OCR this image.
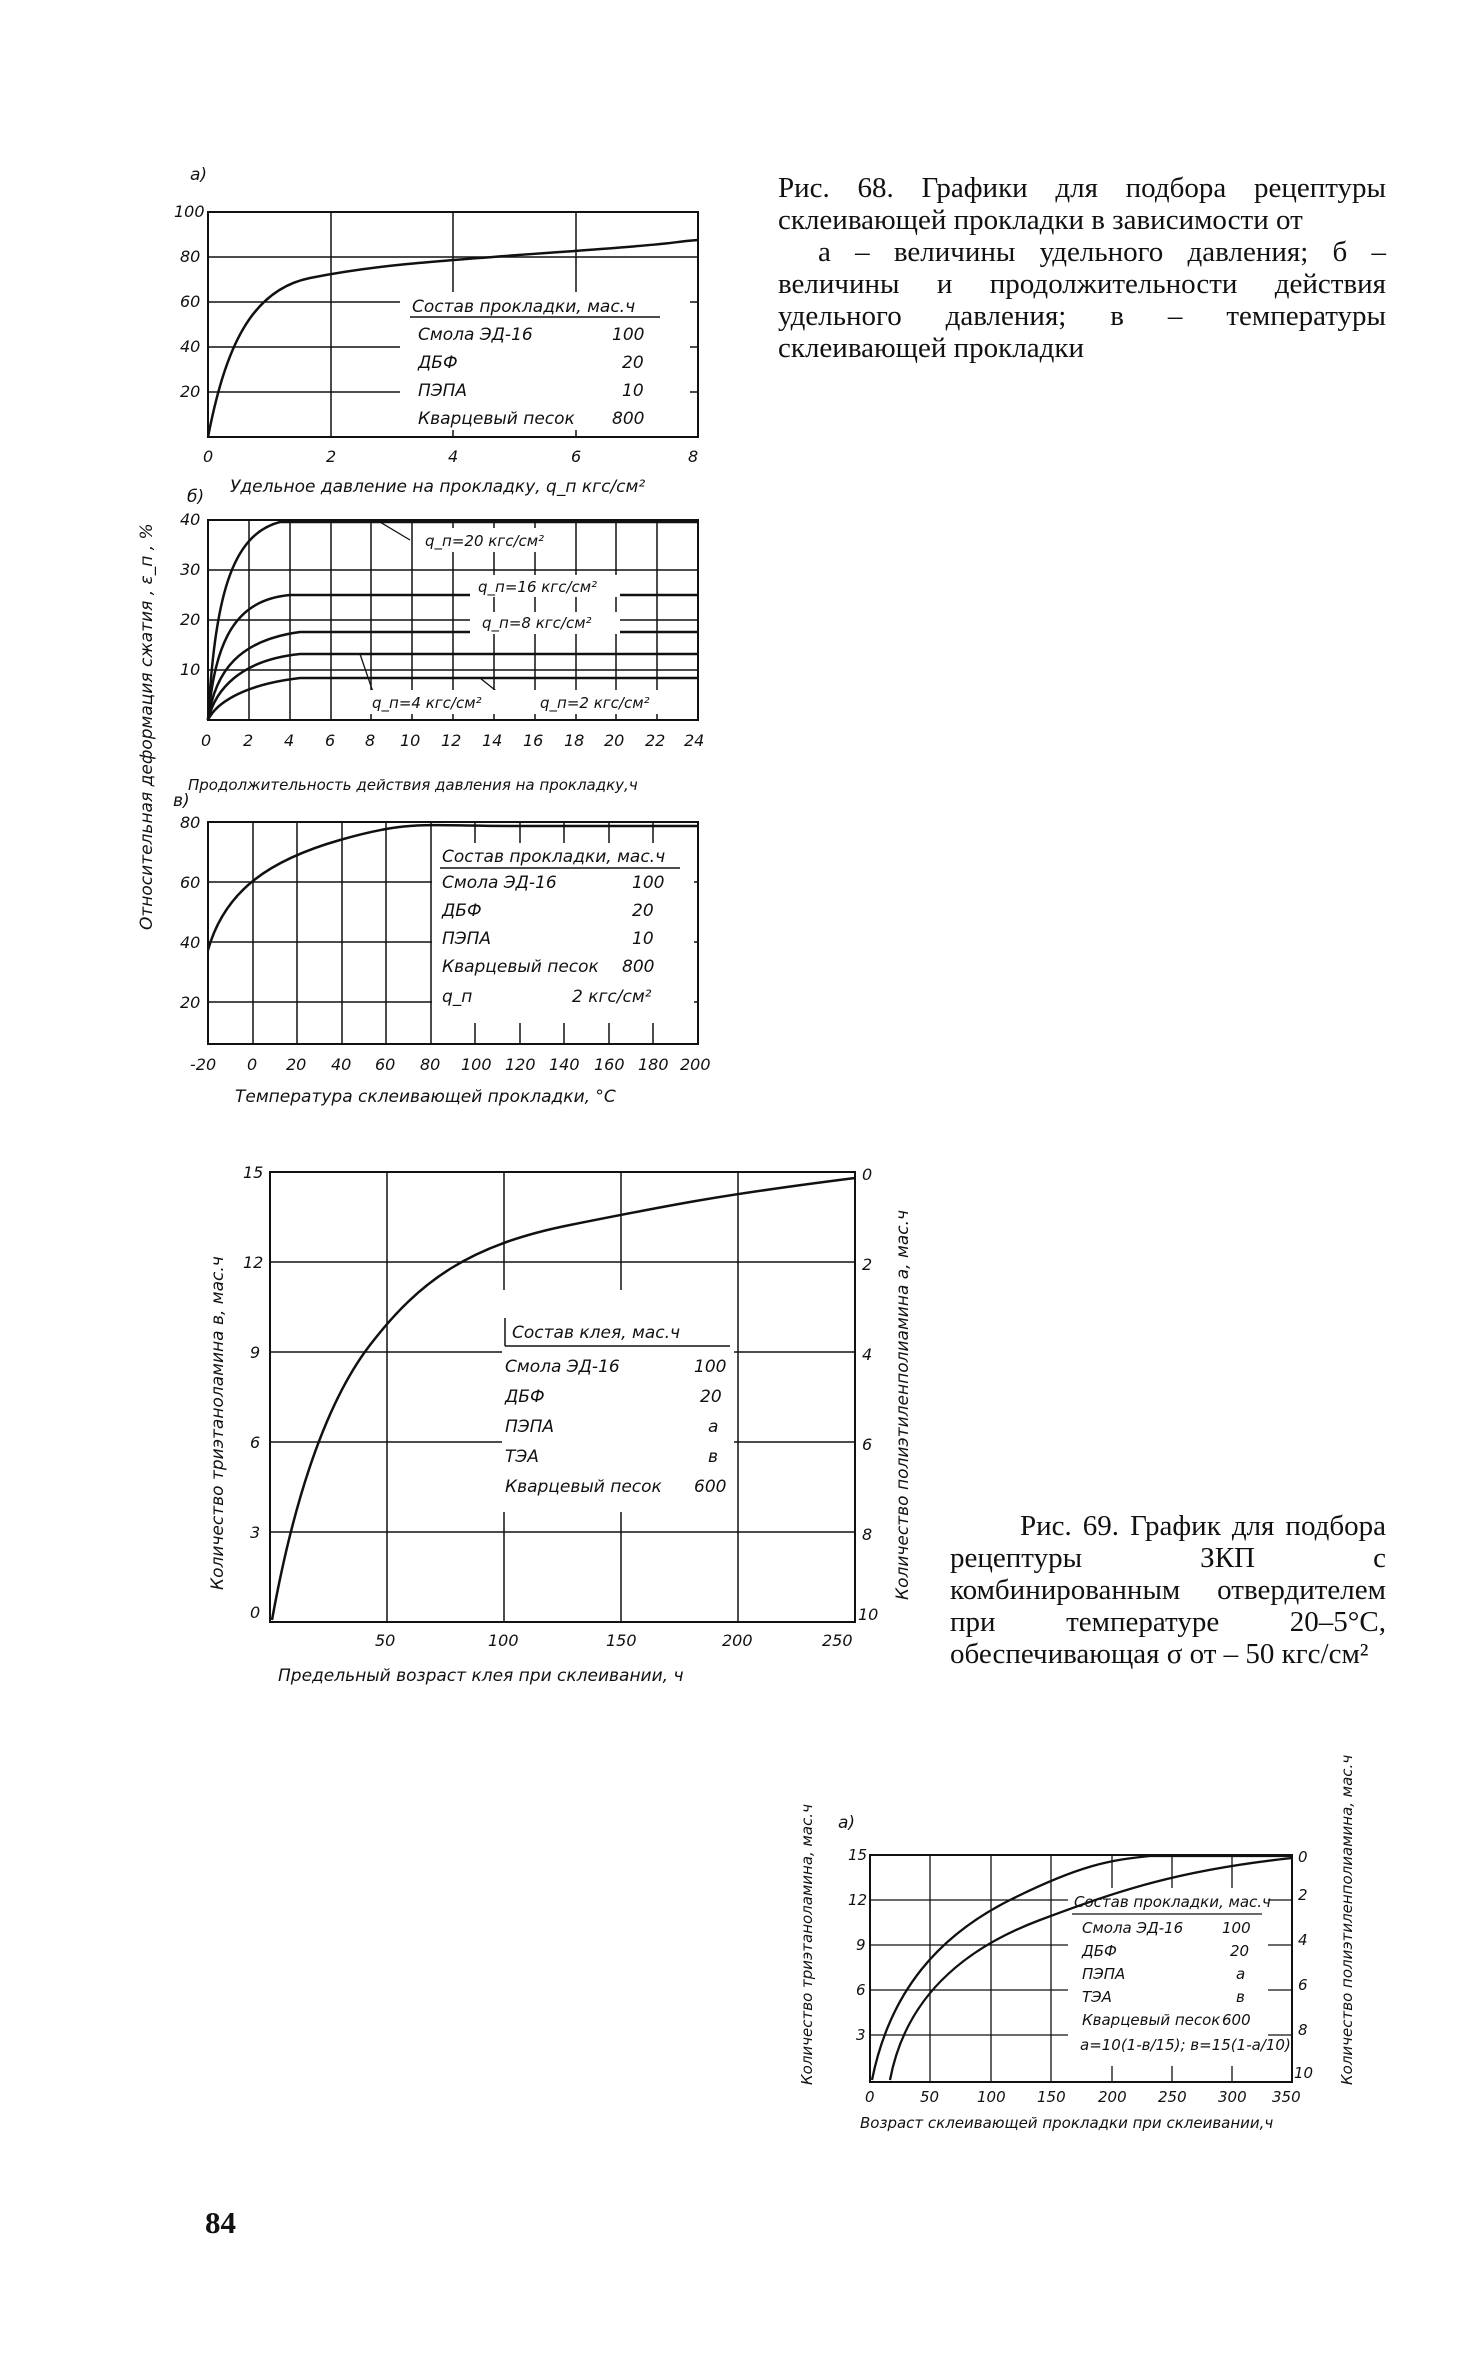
а)
100
80
60
40
20
0	2	4	6	8
Удельное давление на прокладку, q_п кгс/см²
б)
Состав прокладки, мас.ч
Смола ЭД-16	100
ДБФ	20
ПЭПА	10
Кварцевый песок 800
q_п=20 кгс/см²
q_п=16 кгс/см²
q_п=8 кгс/см²
q_п=4 кгс/см²	q_п=2 кгс/см²
40
30
20
10
0 2 4 6 8 10 12 14 16 18 20 22 24
Продолжительность действия давления на прокладку,ч
в)
80
60
40
20
-20 0 20 40 60 80 100 120 140 160 180 200
Температура склеивающей прокладки, °С
Состав прокладки, мас.ч
Смола ЭД-16	100
ДБФ	20
ПЭПА	10
Кварцевый песок 800
q_п	2 кгс/см²
Относительная деформация сжатия , ε_п , %
Состав клея, мас.ч
Смола ЭД-16	100
ДБФ	20
ПЭПА	а
ТЭА	в
Кварцевый песок 600
15
12
9
6
3
0
0
2
4
6
8
10
50	100	150	200	250
Предельный возраст клея при склеивании, ч
Количество триэтаноламина в, мас.ч	Количество полиэтиленполиамина а, мас.ч
а)
Состав прокладки, мас.ч
Смола ЭД-16	100
ДБФ	20
ПЭПА	а
ТЭА	в
Кварцевый песок 600
а=10(1-в/15); в=15(1-а/10)
15
12
9
6
3
0
2
4
6
8
10
0	50	100 150 200 250 300 350
Возраст склеивающей прокладки при склеивании,ч
Количество триэтаноламина, мас.ч	Количество полиэтиленполиамина, мас.ч

Рис. 68. Графики для подбора рецептуры склеивающей прокладки в зависимости от

а – величины удельного давления; б – величины и продолжительности действия удельного давления; в – температуры склеивающей прокладки

Рис. 69. График для подбора рецептуры ЗКП с комбинированным отвердителем при температуре 20–5°С, обеспечивающая σ от – 50 кгс/см²

84
